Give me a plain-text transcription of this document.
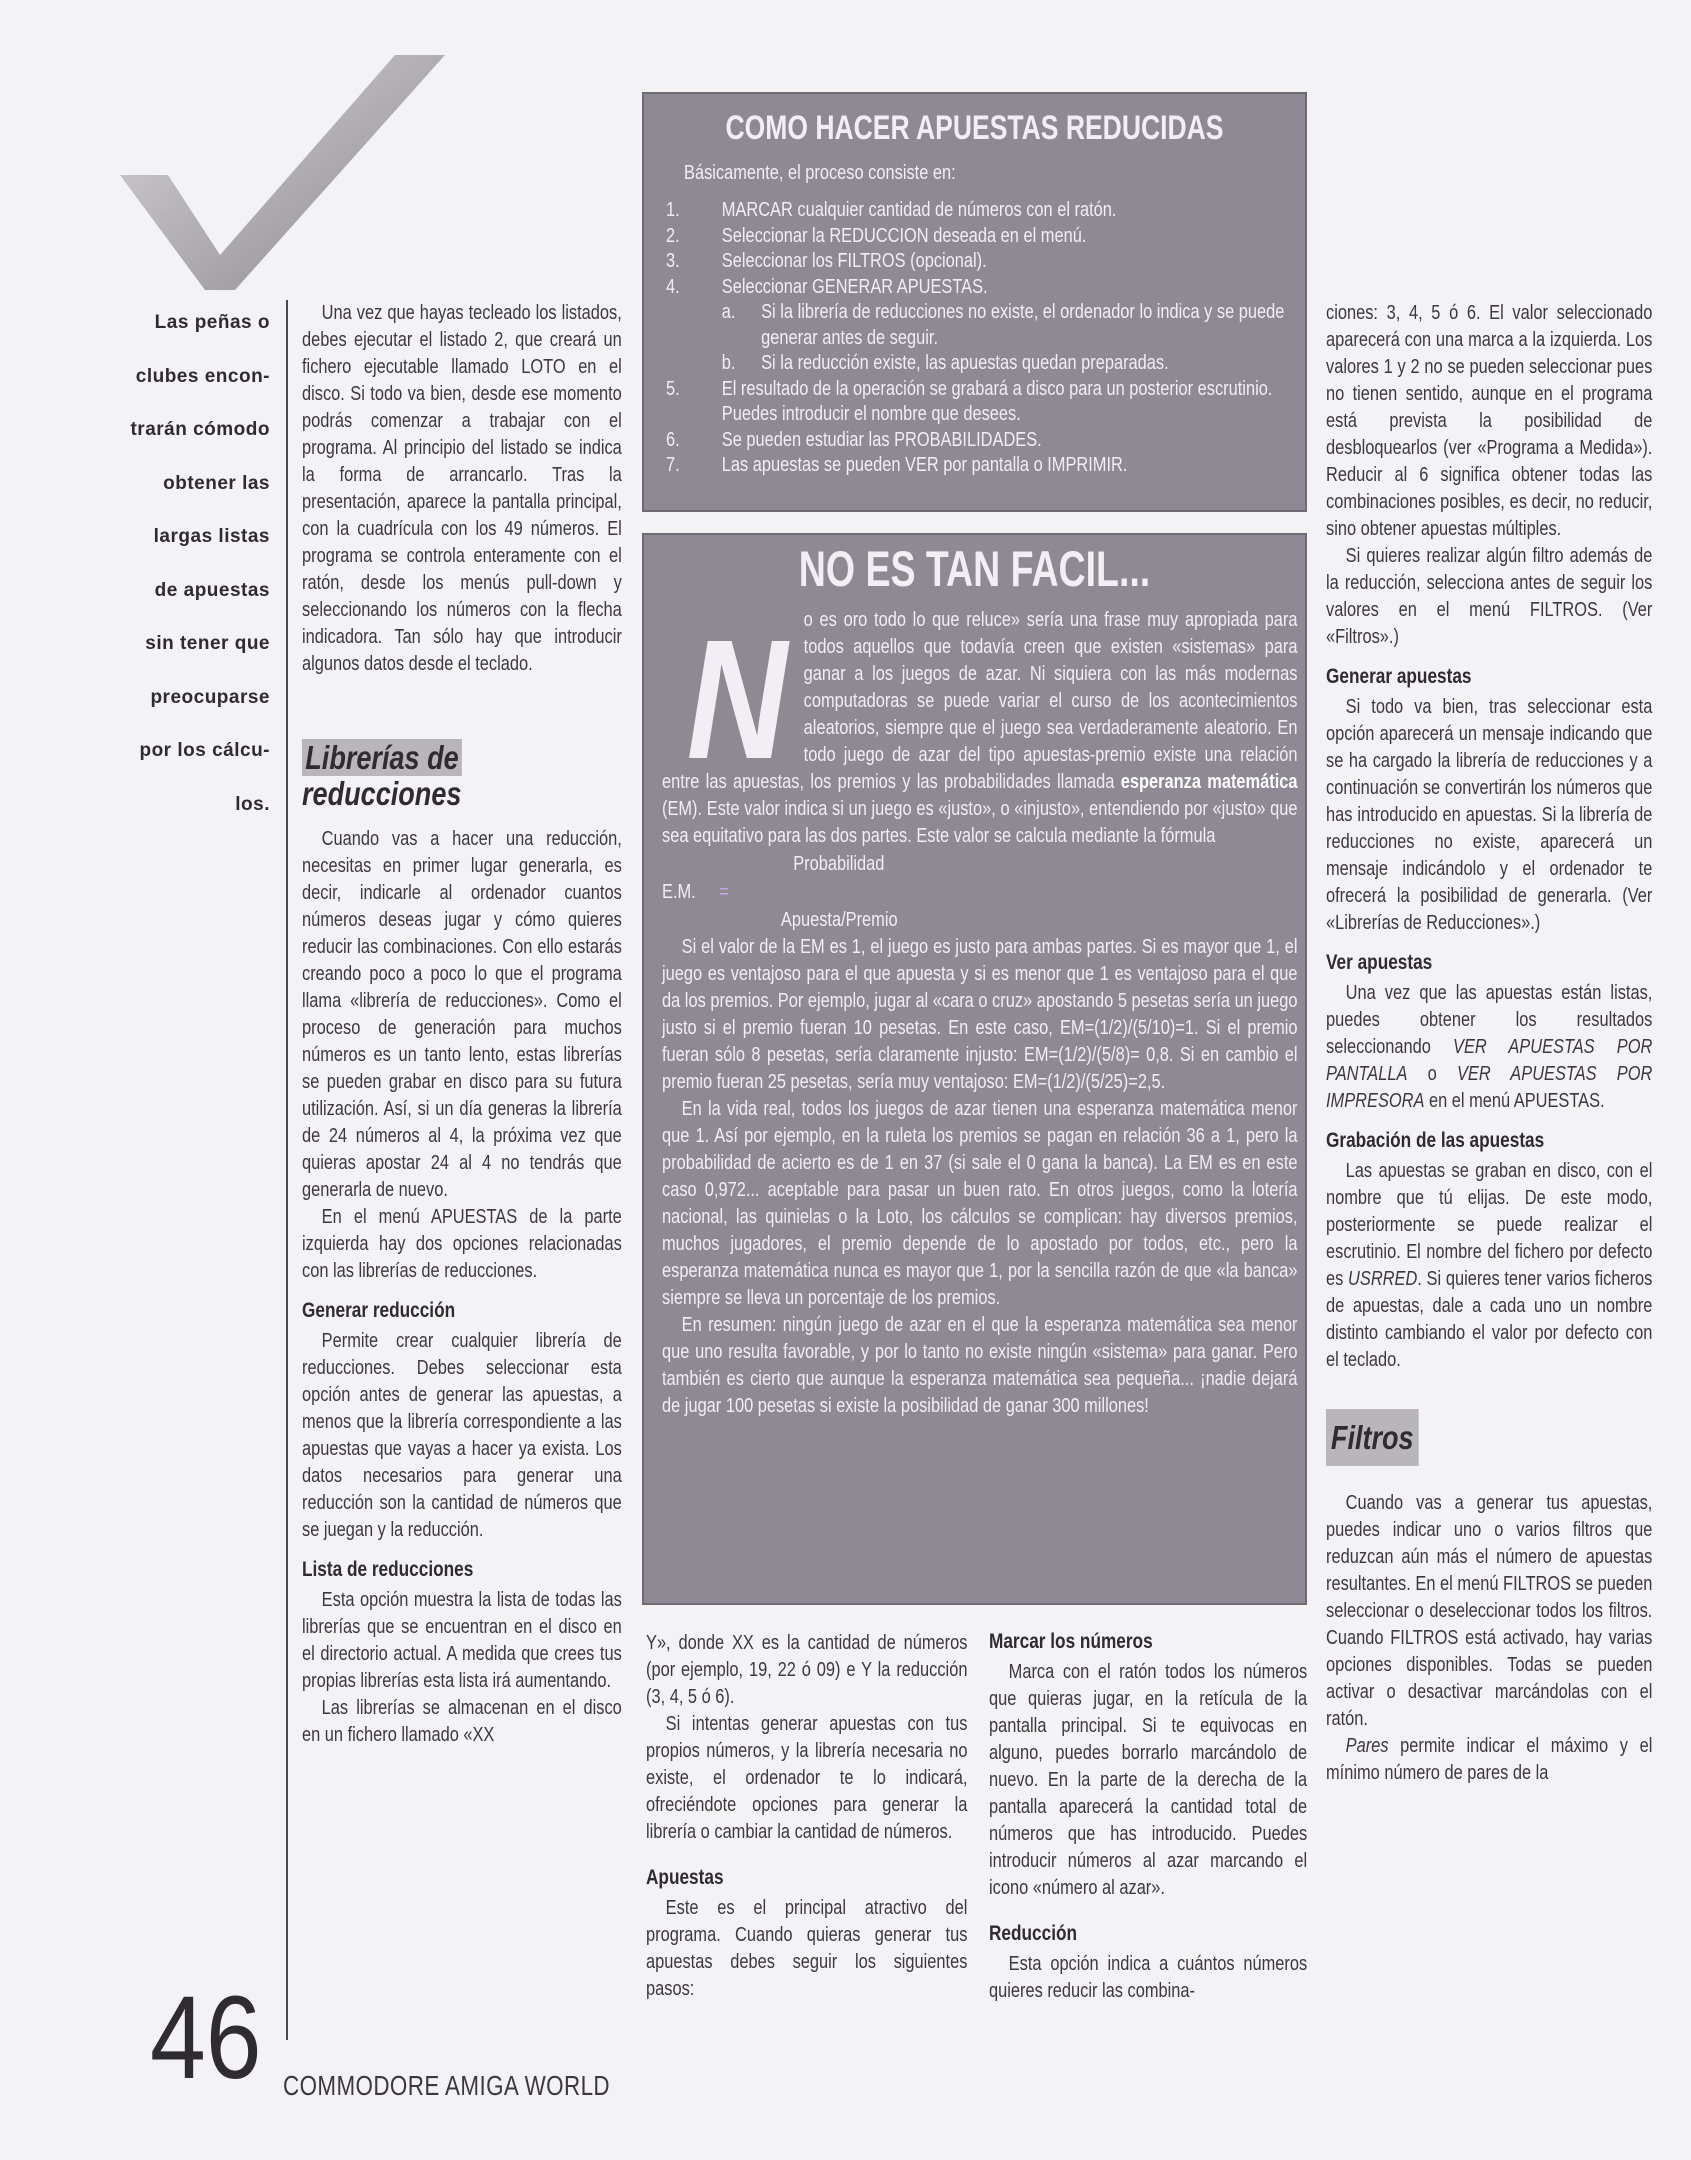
Las peñas o
clubes encon-
trarán cómodo
obtener las
largas listas
de apuestas
sin tener que
preocuparse
por los cálcu-
los.

Una vez que hayas tecleado los listados, debes ejecutar el listado 2, que creará un fichero ejecutable llamado LOTO en el disco. Si todo va bien, desde ese momento podrás comenzar a trabajar con el programa. Al principio del listado se indica la forma de arrancarlo. Tras la presentación, aparece la pantalla principal, con la cuadrícula con los 49 números. El programa se controla enteramente con el ratón, desde los menús pull-down y seleccionando los números con la flecha indicadora. Tan sólo hay que introducir algunos datos desde el teclado.

Librerías de
reducciones

Cuando vas a hacer una reducción, necesitas en primer lugar generarla, es decir, indicarle al ordenador cuantos números deseas jugar y cómo quieres reducir las combinaciones. Con ello estarás creando poco a poco lo que el programa llama «librería de reducciones». Como el proceso de generación para muchos números es un tanto lento, estas librerías se pueden grabar en disco para su futura utilización. Así, si un día generas la librería de 24 números al 4, la próxima vez que quieras apostar 24 al 4 no tendrás que generarla de nuevo.

En el menú APUESTAS de la parte izquierda hay dos opciones relacionadas con las librerías de reducciones.

Generar reducción

Permite crear cualquier librería de reducciones. Debes seleccionar esta opción antes de generar las apuestas, a menos que la librería correspondiente a las apuestas que vayas a hacer ya exista. Los datos necesarios para generar una reducción son la cantidad de números que se juegan y la reducción.

Lista de reducciones

Esta opción muestra la lista de todas las librerías que se encuentran en el disco en el directorio actual. A medida que crees tus propias librerías esta lista irá aumentando.

Las librerías se almacenan en el disco en un fichero llamado «XX

COMO HACER APUESTAS REDUCIDAS
Básicamente, el proceso consiste en:
1.	MARCAR cualquier cantidad de números con el ratón.
2.	Seleccionar la REDUCCION deseada en el menú.
3.	Seleccionar los FILTROS (opcional).
4.	Seleccionar GENERAR APUESTAS.
a.	Si la librería de reducciones no existe, el ordenador lo indica y se puede generar antes de seguir.
b.	Si la reducción existe, las apuestas quedan preparadas.
5.	El resultado de la operación se grabará a disco para un posterior escrutinio. Puedes introducir el nombre que desees.
6.	Se pueden estudiar las PROBABILIDADES.
7.	Las apuestas se pueden VER por pantalla o IMPRIMIR.
NO ES TAN FACIL...

N o es oro todo lo que reluce» sería una frase muy apropiada para todos aquellos que todavía creen que existen «sistemas» para ganar a los juegos de azar. Ni siquiera con las más modernas computadoras se puede variar el curso de los acontecimientos aleatorios, siempre que el juego sea verdaderamente aleatorio. En todo juego de azar del tipo apuestas-premio existe una relación entre las apuestas, los premios y las probabilidades llamada esperanza matemática (EM). Este valor indica si un juego es «justo», o «injusto», entendiendo por «justo» que sea equitativo para las dos partes. Este valor se calcula mediante la fórmula

Probabilidad
E.M. =
Apuesta/Premio

Si el valor de la EM es 1, el juego es justo para ambas partes. Si es mayor que 1, el juego es ventajoso para el que apuesta y si es menor que 1 es ventajoso para el que da los premios. Por ejemplo, jugar al «cara o cruz» apostando 5 pesetas sería un juego justo si el premio fueran 10 pesetas. En este caso, EM=(1/2)/(5/10)=1. Si el premio fueran sólo 8 pesetas, sería claramente injusto: EM=(1/2)/(5/8)= 0,8. Si en cambio el premio fueran 25 pesetas, sería muy ventajoso: EM=(1/2)/(5/25)=2,5.

En la vida real, todos los juegos de azar tienen una esperanza matemática menor que 1. Así por ejemplo, en la ruleta los premios se pagan en relación 36 a 1, pero la probabilidad de acierto es de 1 en 37 (si sale el 0 gana la banca). La EM es en este caso 0,972... aceptable para pasar un buen rato. En otros juegos, como la lotería nacional, las quinielas o la Loto, los cálculos se complican: hay diversos premios, muchos jugadores, el premio depende de lo apostado por todos, etc., pero la esperanza matemática nunca es mayor que 1, por la sencilla razón de que «la banca» siempre se lleva un porcentaje de los premios.

En resumen: ningún juego de azar en el que la esperanza matemática sea menor que uno resulta favorable, y por lo tanto no existe ningún «sistema» para ganar. Pero también es cierto que aunque la esperanza matemática sea pequeña... ¡nadie dejará de jugar 100 pesetas si existe la posibilidad de ganar 300 millones!

Y», donde XX es la cantidad de números (por ejemplo, 19, 22 ó 09) e Y la reducción (3, 4, 5 ó 6).

Si intentas generar apuestas con tus propios números, y la librería necesaria no existe, el ordenador te lo indicará, ofreciéndote opciones para generar la librería o cambiar la cantidad de números.

Apuestas

Este es el principal atractivo del programa. Cuando quieras generar tus apuestas debes seguir los siguientes pasos:

Marcar los números

Marca con el ratón todos los números que quieras jugar, en la retícula de la pantalla principal. Si te equivocas en alguno, puedes borrarlo marcándolo de nuevo. En la parte de la derecha de la pantalla aparecerá la cantidad total de números que has introducido. Puedes introducir números al azar marcando el icono «número al azar».

Reducción

Esta opción indica a cuántos números quieres reducir las combina-

ciones: 3, 4, 5 ó 6. El valor seleccionado aparecerá con una marca a la izquierda. Los valores 1 y 2 no se pueden seleccionar pues no tienen sentido, aunque en el programa está prevista la posibilidad de desbloquearlos (ver «Programa a Medida»). Reducir al 6 significa obtener todas las combinaciones posibles, es decir, no reducir, sino obtener apuestas múltiples.

Si quieres realizar algún filtro además de la reducción, selecciona antes de seguir los valores en el menú FILTROS. (Ver «Filtros».)

Generar apuestas

Si todo va bien, tras seleccionar esta opción aparecerá un mensaje indicando que se ha cargado la librería de reducciones y a continuación se convertirán los números que has introducido en apuestas. Si la librería de reducciones no existe, aparecerá un mensaje indicándolo y el ordenador te ofrecerá la posibilidad de generarla. (Ver «Librerías de Reducciones».)

Ver apuestas

Una vez que las apuestas están listas, puedes obtener los resultados seleccionando VER APUESTAS POR PANTALLA o VER APUESTAS POR IMPRESORA en el menú APUESTAS.

Grabación de las apuestas

Las apuestas se graban en disco, con el nombre que tú elijas. De este modo, posteriormente se puede realizar el escrutinio. El nombre del fichero por defecto es USRRED. Si quieres tener varios ficheros de apuestas, dale a cada uno un nombre distinto cambiando el valor por defecto con el teclado.

Filtros

Cuando vas a generar tus apuestas, puedes indicar uno o varios filtros que reduzcan aún más el número de apuestas resultantes. En el menú FILTROS se pueden seleccionar o deseleccionar todos los filtros. Cuando FILTROS está activado, hay varias opciones disponibles. Todas se pueden activar o desactivar marcándolas con el ratón.

Pares permite indicar el máximo y el mínimo número de pares de la

46 COMMODORE AMIGA WORLD
